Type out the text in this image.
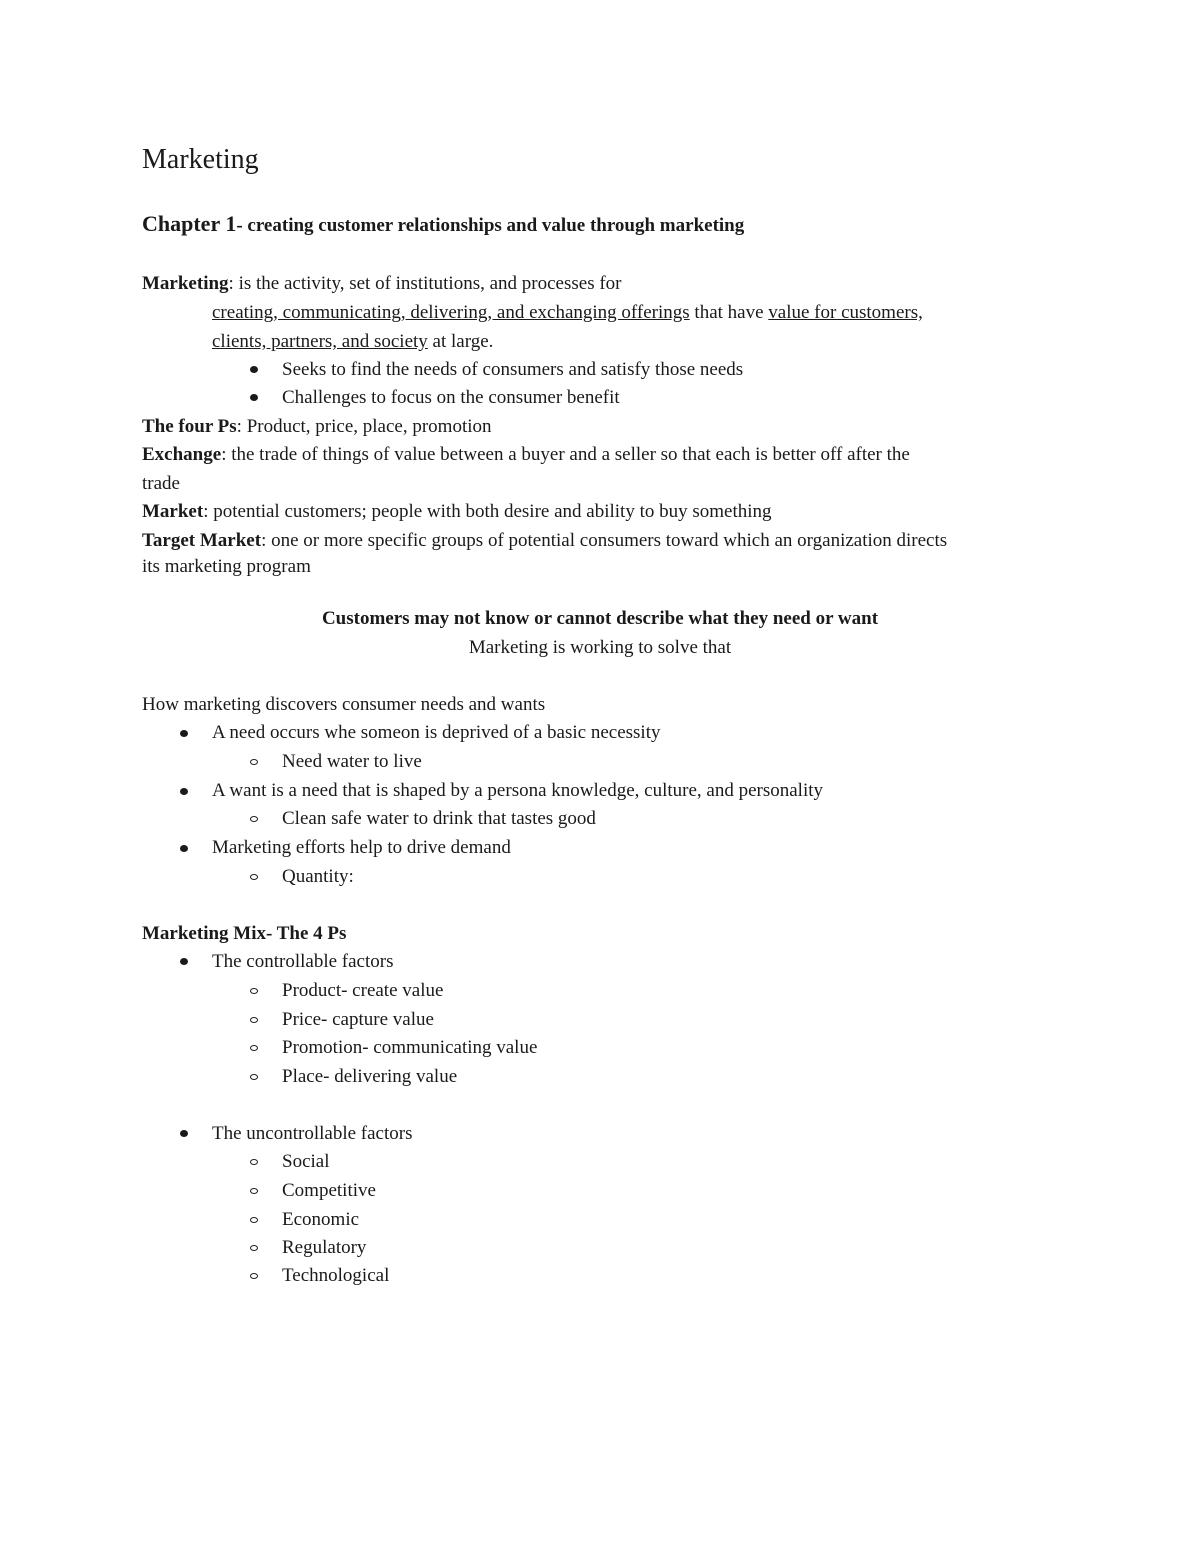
Marketing
Chapter 1- creating customer relationships and value through marketing
Marketing: is the activity, set of institutions, and processes for
creating, communicating, delivering, and exchanging offerings that have value for customers,
clients, partners, and society at large.
Seeks to find the needs of consumers and satisfy those needs
Challenges to focus on the consumer benefit
The four Ps: Product, price, place, promotion
Exchange: the trade of things of value between a buyer and a seller so that each is better off after the
trade
Market: potential customers; people with both desire and ability to buy something
Target Market: one or more specific groups of potential consumers toward which an organization directs
its marketing program
Customers may not know or cannot describe what they need or want
Marketing is working to solve that
How marketing discovers consumer needs and wants
A need occurs whe someon is deprived of a basic necessity
Need water to live
A want is a need that is shaped by a persona knowledge, culture, and personality
Clean safe water to drink that tastes good
Marketing efforts help to drive demand
Quantity:
Marketing Mix- The 4 Ps
The controllable factors
Product- create value
Price- capture value
Promotion- communicating value
Place- delivering value
The uncontrollable factors
Social
Competitive
Economic
Regulatory
Technological
